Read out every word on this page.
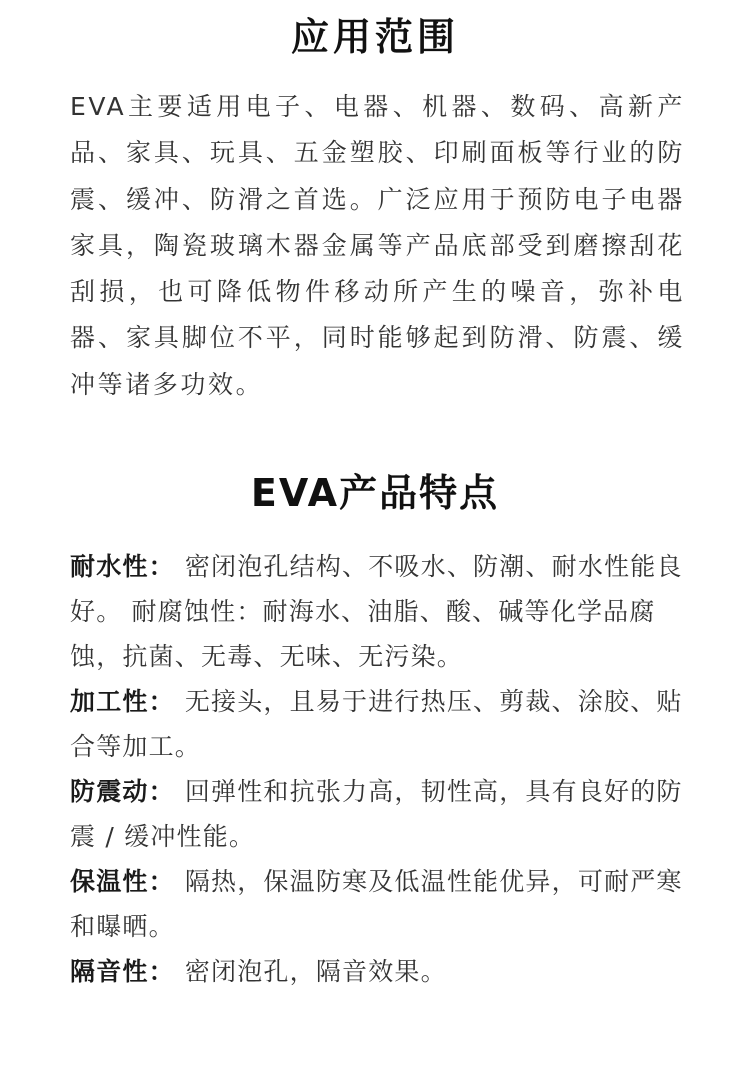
应用范围

EVA主要适用电子、电器、机器、数码、高新产品、家具、玩具、五金塑胶、印刷面板等行业的防震、缓冲、防滑之首选。广泛应用于预防电子电器家具，陶瓷玻璃木器金属等产品底部受到磨擦刮花刮损，也可降低物件移动所产生的噪音，弥补电器、家具脚位不平，同时能够起到防滑、防震、缓冲等诸多功效。

EVA产品特点
耐水性： 密闭泡孔结构、不吸水、防潮、耐水性能良好。 耐腐蚀性：耐海水、油脂、酸、碱等化学品腐蚀，抗菌、无毒、无味、无污染。
加工性： 无接头，且易于进行热压、剪裁、涂胶、贴合等加工。
防震动： 回弹性和抗张力高，韧性高，具有良好的防震 / 缓冲性能。
保温性： 隔热，保温防寒及低温性能优异，可耐严寒和曝晒。
隔音性： 密闭泡孔，隔音效果。
